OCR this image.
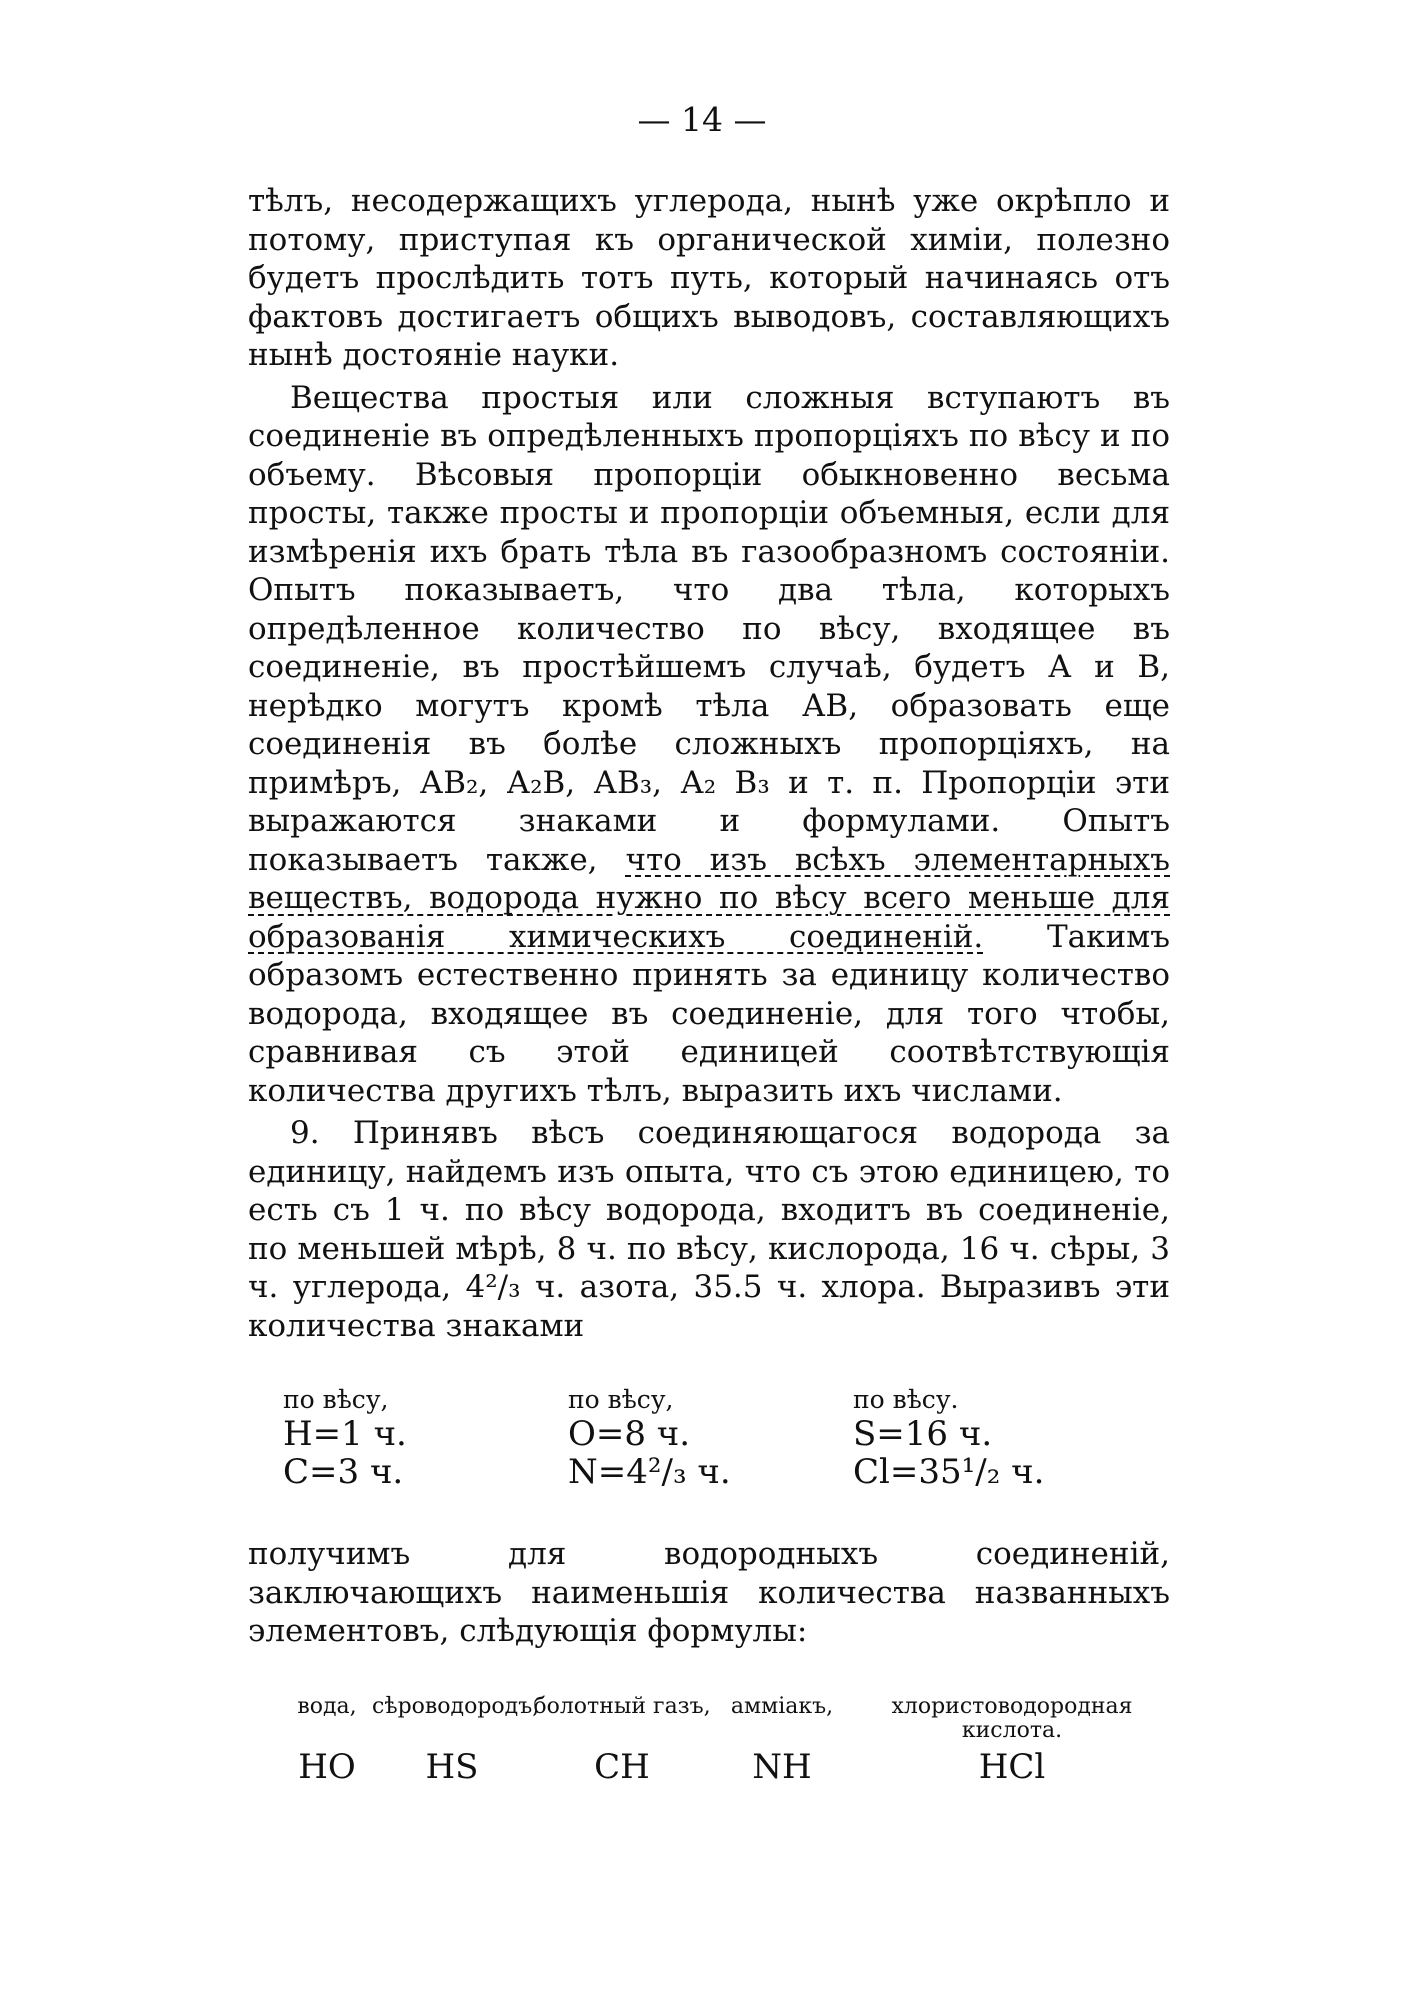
— 14 —

тѣлъ, несодержащихъ углерода, нынѣ уже окрѣпло и потому, приступая къ органической химіи, полезно будетъ прослѣдить тотъ путь, который начинаясь отъ фактовъ достигаетъ общихъ выводовъ, составляющихъ нынѣ достояніе науки.

Вещества простыя или сложныя вступаютъ въ соединеніе въ опредѣленныхъ пропорціяхъ по вѣсу и по объему. Вѣсовыя пропорціи обыкновенно весьма просты, также просты и пропорціи объемныя, если для измѣренія ихъ брать тѣла въ газообразномъ состояніи. Опытъ показываетъ, что два тѣла, которыхъ опредѣленное количество по вѣсу, входящее въ соединеніе, въ простѣйшемъ случаѣ, будетъ А и В, нерѣдко могутъ кромѣ тѣла АВ, образовать еще соединенія въ болѣе сложныхъ пропорціяхъ, на примѣръ, АВ₂, А₂В, АВ₃, А₂ В₃ и т. п. Пропорціи эти выражаются знаками и формулами. Опытъ показываетъ также, что изъ всѣхъ элементарныхъ веществъ, водорода нужно по вѣсу всего меньше для образованія химическихъ соединеній. Такимъ образомъ естественно принять за единицу количество водорода, входящее въ соединеніе, для того чтобы, сравнивая съ этой единицей соотвѣтствующія количества другихъ тѣлъ, выразить ихъ числами.

9. Принявъ вѣсъ соединяющагося водорода за единицу, найдемъ изъ опыта, что съ этою единицею, то есть съ 1 ч. по вѣсу водорода, входитъ въ соединеніе, по меньшей мѣрѣ, 8 ч. по вѣсу, кислорода, 16 ч. сѣры, 3 ч. углерода, 4²/₃ ч. азота, 35.5 ч. хлора. Выразивъ эти количества знаками

по вѣсу,
H=1 ч.
C=3 ч.
по вѣсу,
O=8 ч.
N=4²/₃ ч.
по вѣсу.
S=16 ч.
Cl=35¹/₂ ч.

получимъ для водородныхъ соединеній, заключающихъ наименьшія количества названныхъ элементовъ, слѣдующія формулы:

вода,
HO
сѣроводородъ,
HS
болотный газъ,
CH
аммiакъ,
NH
хлористоводородная кислота.
HCl
